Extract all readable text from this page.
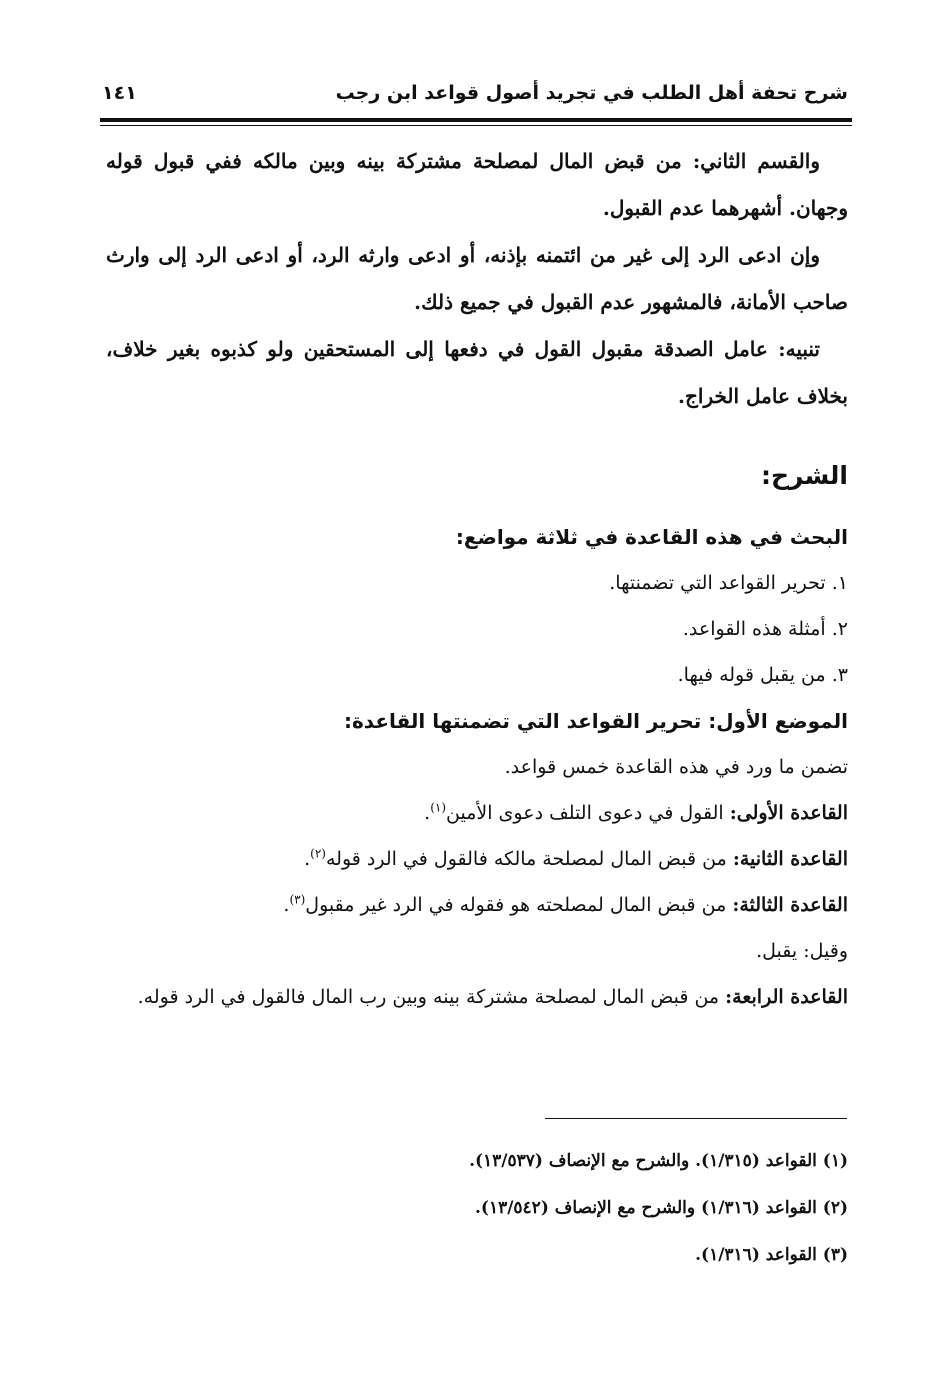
شرح تحفة أهل الطلب في تجريد أصول قواعد ابن رجب
١٤١

والقسم الثاني: من قبض المال لمصلحة مشتركة بينه وبين مالكه ففي قبول قوله وجهان. أشهرهما عدم القبول.

وإن ادعى الرد إلى غير من ائتمنه بإذنه، أو ادعى وارثه الرد، أو ادعى الرد إلى وارث صاحب الأمانة، فالمشهور عدم القبول في جميع ذلك.

تنبيه: عامل الصدقة مقبول القول في دفعها إلى المستحقين ولو كذبوه بغير خلاف، بخلاف عامل الخراج.

الشرح:

البحث في هذه القاعدة في ثلاثة مواضع:

١. تحرير القواعد التي تضمنتها.
٢. أمثلة هذه القواعد.
٣. من يقبل قوله فيها.

الموضع الأول: تحرير القواعد التي تضمنتها القاعدة:

تضمن ما ورد في هذه القاعدة خمس قواعد.

القاعدة الأولى: القول في دعوى التلف دعوى الأمين$^{(١)}$.

القاعدة الثانية: من قبض المال لمصلحة مالكه فالقول في الرد قوله$^{(٢)}$.

القاعدة الثالثة: من قبض المال لمصلحته هو فقوله في الرد غير مقبول$^{(٣)}$.

وقيل: يقبل.

القاعدة الرابعة: من قبض المال لمصلحة مشتركة بينه وبين رب المال فالقول في الرد قوله.

(١) القواعد (١/٣١٥). والشرح مع الإنصاف (١٣/٥٣٧).

(٢) القواعد (١/٣١٦) والشرح مع الإنصاف (١٣/٥٤٢).

(٣) القواعد (١/٣١٦).
